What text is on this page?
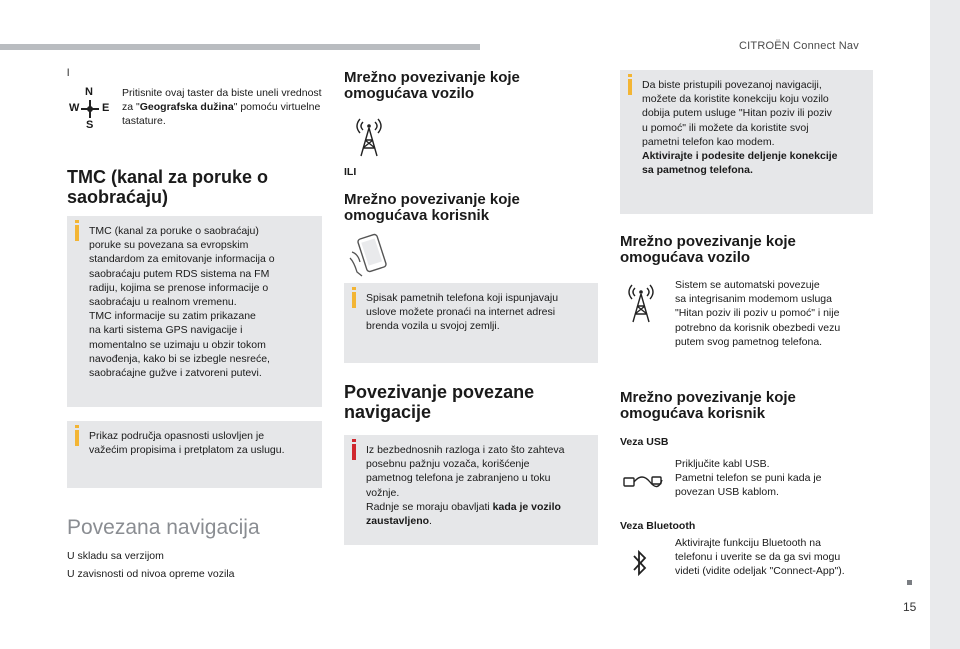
CITROËN Connect Nav
15
l
N
W E
S
Pritisnite ovaj taster da biste uneli vrednost za "Geografska dužina" pomoću virtuelne tastature.
TMC (kanal za poruke o saobraćaju)

TMC (kanal za poruke o saobraćaju)
poruke su povezana sa evropskim
standardom za emitovanje informacija o
saobraćaju putem RDS sistema na FM
radiju, kojima se prenose informacije o
saobraćaju u realnom vremenu.
TMC informacije su zatim prikazane
na karti sistema GPS navigacije i
momentalno se uzimaju u obzir tokom
navođenja, kako bi se izbegle nesreće,
saobraćajne gužve i zatvoreni putevi.

Prikaz područja opasnosti uslovljen je
važećim propisima i pretplatom za uslugu.

Povezana navigacija
U skladu sa verzijom
U zavisnosti od nivoa opreme vozila
Mrežno povezivanje koje omogućava vozilo
ILI
Mrežno povezivanje koje omogućava korisnik

Spisak pametnih telefona koji ispunjavaju
uslove možete pronaći na internet adresi
brenda vozila u svojoj zemlji.

Povezivanje povezane navigacije

Iz bezbednosnih razloga i zato što zahteva
posebnu pažnju vozača, korišćenje
pametnog telefona je zabranjeno u toku
vožnje.
Radnje se moraju obavljati kada je vozilo
zaustavljeno.

Da biste pristupili povezanoj navigaciji,
možete da koristite konekciju koju vozilo
dobija putem usluge "Hitan poziv ili poziv
u pomoć" ili možete da koristite svoj
pametni telefon kao modem.
Aktivirajte i podesite deljenje konekcije
sa pametnog telefona.

Mrežno povezivanje koje omogućava vozilo
Sistem se automatski povezuje
sa integrisanim modemom usluga
"Hitan poziv ili poziv u pomoć" i nije
potrebno da korisnik obezbedi vezu
putem svog pametnog telefona.
Mrežno povezivanje koje omogućava korisnik
Veza USB
Priključite kabl USB.
Pametni telefon se puni kada je
povezan USB kablom.
Veza Bluetooth
Aktivirajte funkciju Bluetooth na
telefonu i uverite se da ga svi mogu
videti (vidite odeljak "Connect-App").
